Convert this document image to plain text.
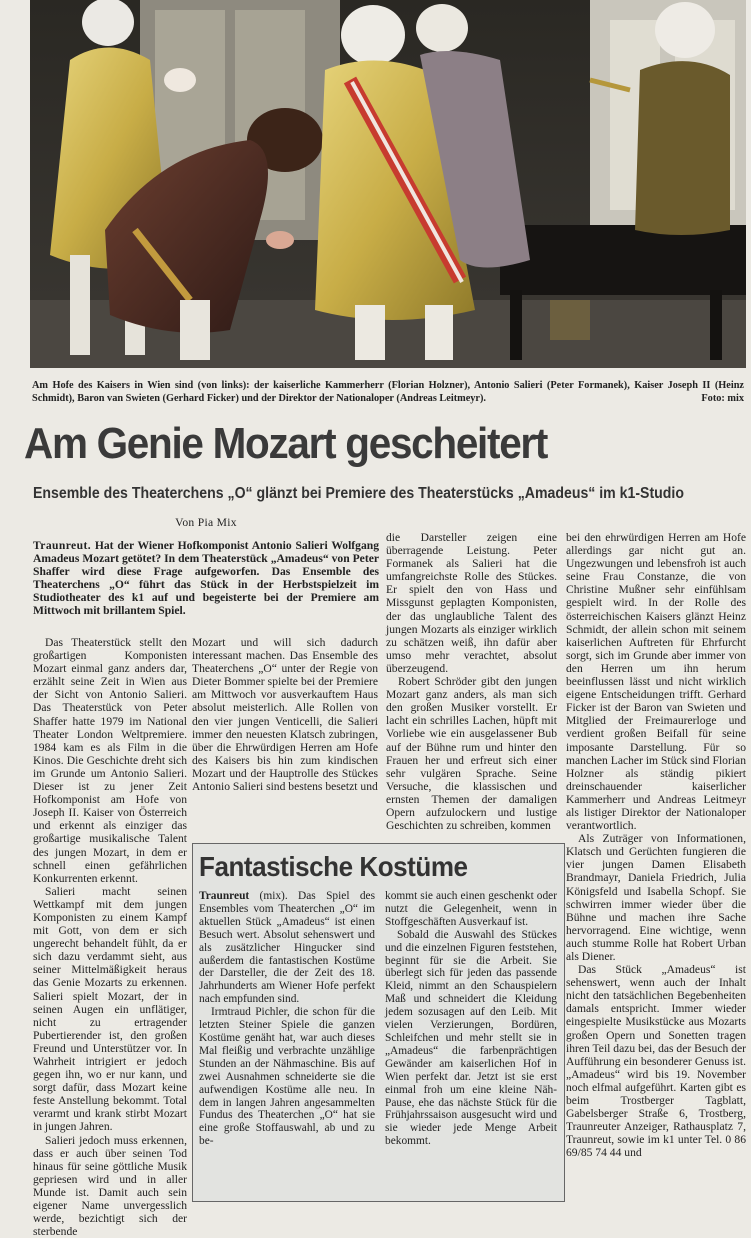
Am Hofe des Kaisers in Wien sind (von links): der kaiserliche Kammerherr (Florian Holzner), Antonio Salieri (Peter Formanek), Kaiser Joseph II (Heinz Schmidt), Baron van Swieten (Gerhard Ficker) und der Direktor der Nationaloper (Andreas Leitmeyr).	Foto: mix
Am Genie Mozart gescheitert
Ensemble des Theaterchens „O“ glänzt bei Premiere des Theaterstücks „Amadeus“ im k1-Studio
Von Pia Mix

Traunreut. Hat der Wiener Hofkomponist Antonio Salieri Wolfgang Amadeus Mozart getötet? In dem Theaterstück „Amadeus“ von Peter Shaffer wird diese Frage aufgeworfen. Das Ensemble des Theaterchens „O“ führt das Stück in der Herbstspielzeit im Studiotheater des k1 auf und begeisterte bei der Premiere am Mittwoch mit brillantem Spiel.

Das Theaterstück stellt den großartigen Komponisten Mozart einmal ganz anders dar, erzählt seine Zeit in Wien aus der Sicht von Antonio Salieri. Das Theaterstück von Peter Shaffer hatte 1979 im National Theater London Weltpremiere. 1984 kam es als Film in die Kinos. Die Geschichte dreht sich im Grunde um Antonio Salieri. Dieser ist zu jener Zeit Hofkomponist am Hofe von Joseph II. Kaiser von Österreich und erkennt als einziger das großartige musikalische Talent des jungen Mozart, in dem er schnell einen gefährlichen Konkurrenten erkennt.

Salieri macht seinen Wettkampf mit dem jungen Komponisten zu einem Kampf mit Gott, von dem er sich ungerecht behandelt fühlt, da er sich dazu verdammt sieht, aus seiner Mittelmäßigkeit heraus das Genie Mozarts zu erkennen. Salieri spielt Mozart, der in seinen Augen ein unflätiger, nicht zu ertragender Pubertierender ist, den großen Freund und Unterstützer vor. In Wahrheit intrigiert er jedoch gegen ihn, wo er nur kann, und sorgt dafür, dass Mozart keine feste Anstellung bekommt. Total verarmt und krank stirbt Mozart in jungen Jahren.

Salieri jedoch muss erkennen, dass er auch über seinen Tod hinaus für seine göttliche Musik gepriesen wird und in aller Munde ist. Damit auch sein eigener Name unvergesslich werde, bezichtigt sich der sterbende

Mozart und will sich dadurch interessant machen. Das Ensemble des Theaterchens „O“ unter der Regie von Dieter Bommer spielte bei der Premiere am Mittwoch vor ausverkauftem Haus absolut meisterlich. Alle Rollen von den vier jungen Venticelli, die Salieri immer den neuesten Klatsch zubringen, über die Ehrwürdigen Herren am Hofe des Kaisers bis hin zum kindischen Mozart und der Hauptrolle des Stückes Antonio Salieri sind bestens besetzt und

die Darsteller zeigen eine überragende Leistung. Peter Formanek als Salieri hat die umfangreichste Rolle des Stückes. Er spielt den von Hass und Missgunst geplagten Komponisten, der das unglaubliche Talent des jungen Mozarts als einziger wirklich zu schätzen weiß, ihn dafür aber umso mehr verachtet, absolut überzeugend.

Robert Schröder gibt den jungen Mozart ganz anders, als man sich den großen Musiker vorstellt. Er lacht ein schrilles Lachen, hüpft mit Vorliebe wie ein ausgelassener Bub auf der Bühne rum und hinter den Frauen her und erfreut sich einer sehr vulgären Sprache. Seine Versuche, die klassischen und ernsten Themen der damaligen Opern aufzulockern und lustige Geschichten zu schreiben, kommen

bei den ehrwürdigen Herren am Hofe allerdings gar nicht gut an. Ungezwungen und lebensfroh ist auch seine Frau Constanze, die von Christine Mußner sehr einfühlsam gespielt wird. In der Rolle des österreichischen Kaisers glänzt Heinz Schmidt, der allein schon mit seinem kaiserlichen Auftreten für Ehrfurcht sorgt, sich im Grunde aber immer von den Herren um ihn herum beeinflussen lässt und nicht wirklich eigene Entscheidungen trifft. Gerhard Ficker ist der Baron van Swieten und Mitglied der Freimaurerloge und verdient großen Beifall für seine imposante Darstellung. Für so manchen Lacher im Stück sind Florian Holzner als ständig pikiert dreinschauender kaiserlicher Kammerherr und Andreas Leitmeyr als listiger Direktor der Nationaloper verantwortlich.

Als Zuträger von Informationen, Klatsch und Gerüchten fungieren die vier jungen Damen Elisabeth Brandmayr, Daniela Friedrich, Julia Königsfeld und Isabella Schopf. Sie schwirren immer wieder über die Bühne und machen ihre Sache hervorragend. Eine wichtige, wenn auch stumme Rolle hat Robert Urban als Diener.

Das Stück „Amadeus“ ist sehenswert, wenn auch der Inhalt nicht den tatsächlichen Begebenheiten damals entspricht. Immer wieder eingespielte Musikstücke aus Mozarts großen Opern und Sonetten tragen ihren Teil dazu bei, das der Besuch der Aufführung ein besonderer Genuss ist. „Amadeus“ wird bis 19. November noch elfmal aufgeführt. Karten gibt es beim Trostberger Tagblatt, Gabelsberger Straße 6, Trostberg, Traunreuter Anzeiger, Rathausplatz 7, Traunreut, sowie im k1 unter Tel. 0 86 69/85 74 44 und

Fantastische Kostüme

Traunreut (mix). Das Spiel des Ensembles vom Theaterchen „O“ im aktuellen Stück „Amadeus“ ist einen Besuch wert. Absolut sehenswert und als zusätzlicher Hingucker sind außerdem die fantastischen Kostüme der Darsteller, die der Zeit des 18. Jahrhunderts am Wiener Hofe perfekt nach empfunden sind.

Irmtraud Pichler, die schon für die letzten Steiner Spiele die ganzen Kostüme genäht hat, war auch dieses Mal fleißig und verbrachte unzählige Stunden an der Nähmaschine. Bis auf zwei Ausnahmen schneiderte sie die aufwendigen Kostüme alle neu. In dem in langen Jahren angesammelten Fundus des Theaterchen „O“ hat sie eine große Stoffauswahl, ab und zu be-

kommt sie auch einen geschenkt oder nutzt die Gelegenheit, wenn in Stoffgeschäften Ausverkauf ist.

Sobald die Auswahl des Stückes und die einzelnen Figuren feststehen, beginnt für sie die Arbeit. Sie überlegt sich für jeden das passende Kleid, nimmt an den Schauspielern Maß und schneidert die Kleidung jedem sozusagen auf den Leib. Mit vielen Verzierungen, Bordüren, Schleifchen und mehr stellt sie in „Amadeus“ die farbenprächtigen Gewänder am kaiserlichen Hof in Wien perfekt dar. Jetzt ist sie erst einmal froh um eine kleine Näh-Pause, ehe das nächste Stück für die Frühjahrssaison ausgesucht wird und sie wieder jede Menge Arbeit bekommt.
